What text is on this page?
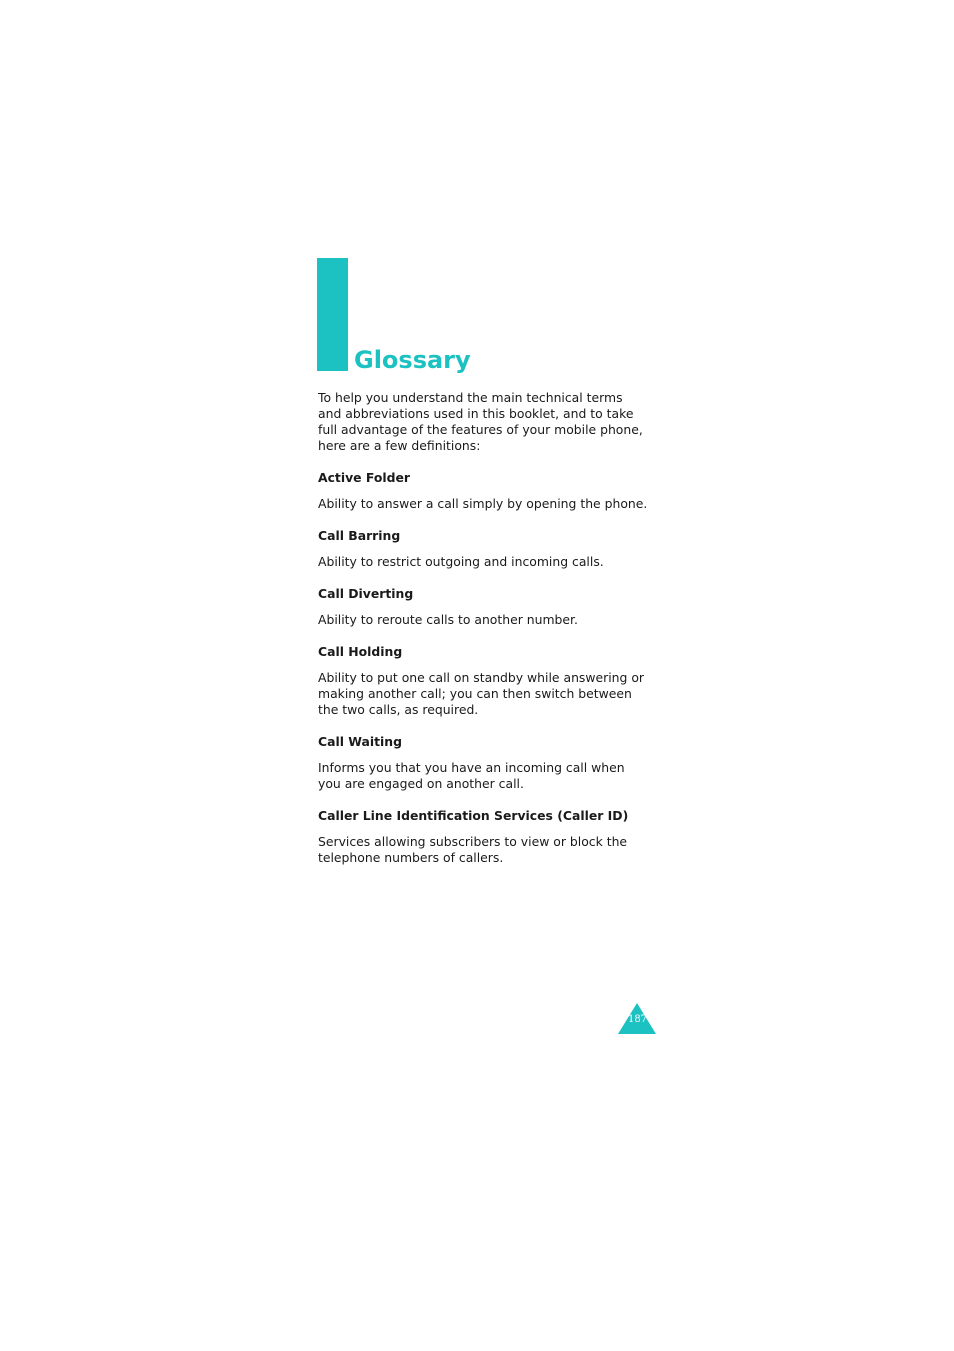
Glossary

To help you understand the main technical terms and abbreviations used in this booklet, and to take full advantage of the features of your mobile phone, here are a few definitions:

Active Folder

Ability to answer a call simply by opening the phone.

Call Barring

Ability to restrict outgoing and incoming calls.

Call Diverting

Ability to reroute calls to another number.

Call Holding

Ability to put one call on standby while answering or making another call; you can then switch between the two calls, as required.

Call Waiting

Informs you that you have an incoming call when you are engaged on another call.

Caller Line Identification Services (Caller ID)

Services allowing subscribers to view or block the telephone numbers of callers.

187
